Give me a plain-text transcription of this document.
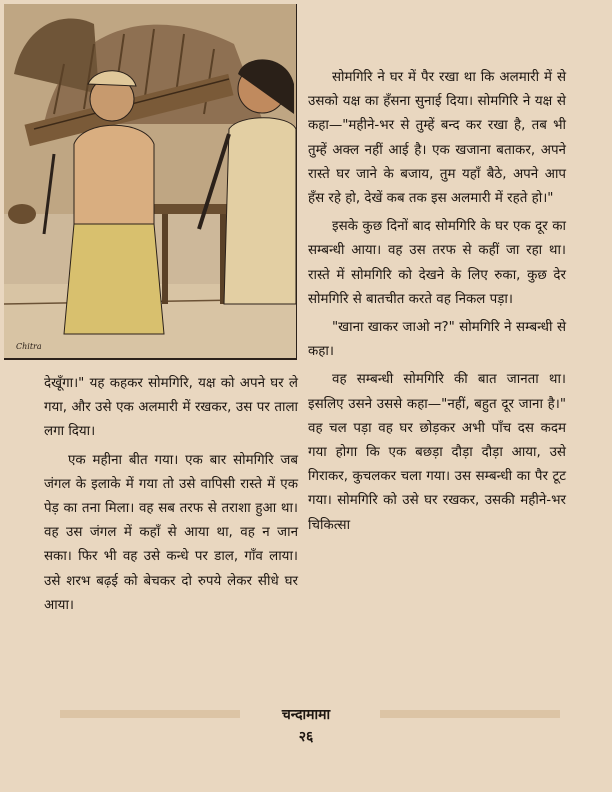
Chitra

देखूँगा।" यह कहकर सोमगिरि, यक्ष को अपने घर ले गया, और उसे एक अलमारी में रखकर, उस पर ताला लगा दिया।

एक महीना बीत गया। एक बार सोमगिरि जब जंगल के इलाके में गया तो उसे वापिसी रास्ते में एक पेड़ का तना मिला। वह सब तरफ से तराशा हुआ था। वह उस जंगल में कहाँ से आया था, वह न जान सका। फिर भी वह उसे कन्धे पर डाल, गाँव लाया। उसे शरभ बढ़ई को बेचकर दो रुपये लेकर सीधे घर आया।

सोमगिरि ने घर में पैर रखा था कि अलमारी में से उसको यक्ष का हँसना सुनाई दिया। सोमगिरि ने यक्ष से कहा—"महीने-भर से तुम्हें बन्द कर रखा है, तब भी तुम्हें अक्ल नहीं आई है। एक खजाना बताकर, अपने रास्ते घर जाने के बजाय, तुम यहाँ बैठे, अपने आप हँस रहे हो, देखें कब तक इस अलमारी में रहते हो।"

इसके कुछ दिनों बाद सोमगिरि के घर एक दूर का सम्बन्धी आया। वह उस तरफ से कहीं जा रहा था। रास्ते में सोमगिरि को देखने के लिए रुका, कुछ देर सोमगिरि से बातचीत करते वह निकल पड़ा।

"खाना खाकर जाओ न?" सोमगिरि ने सम्बन्धी से कहा।

वह सम्बन्धी सोमगिरि की बात जानता था। इसलिए उसने उससे कहा—"नहीं, बहुत दूर जाना है।" वह चल पड़ा वह घर छोड़कर अभी पाँच दस कदम गया होगा कि एक बछड़ा दौड़ा दौड़ा आया, उसे गिराकर, कुचलकर चला गया। उस सम्बन्धी का पैर टूट गया। सोमगिरि को उसे घर रखकर, उसकी महीने-भर चिकित्सा

चन्दामामा
२६
